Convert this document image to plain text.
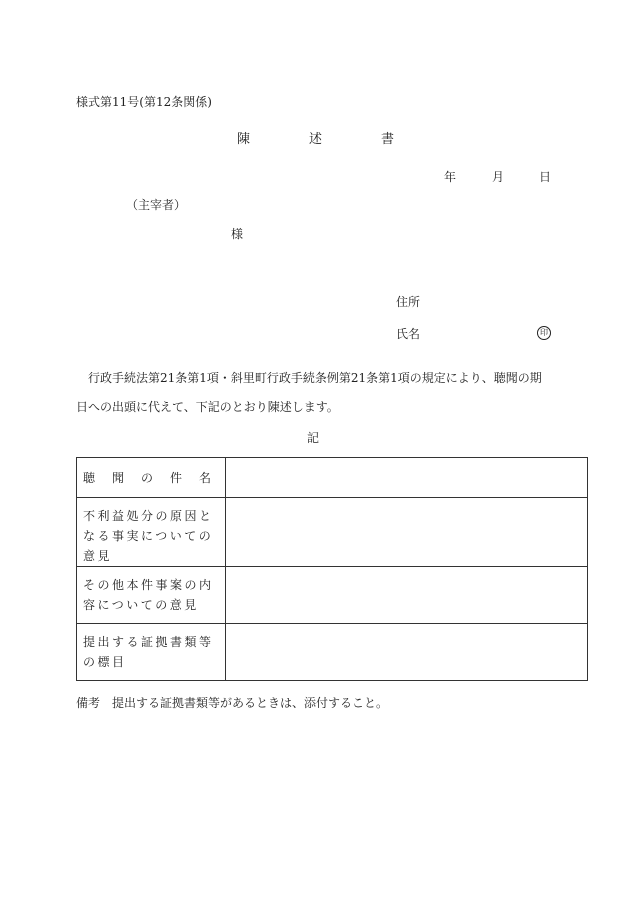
様式第11号(第12条関係)
陳	述	書
年	月	日
（主宰者）
様
住所
氏名	印
行政手続法第21条第1項・斜里町行政手続条例第21条第1項の規定により、聴聞の期
日への出頭に代えて、下記のとおり陳述します。
記
聴　聞　の　件　名	
不利益処分の原因となる事実についての意見	
その他本件事案の内容についての意見	
提出する証拠書類等の標目	
備考　提出する証拠書類等があるときは、添付すること。
